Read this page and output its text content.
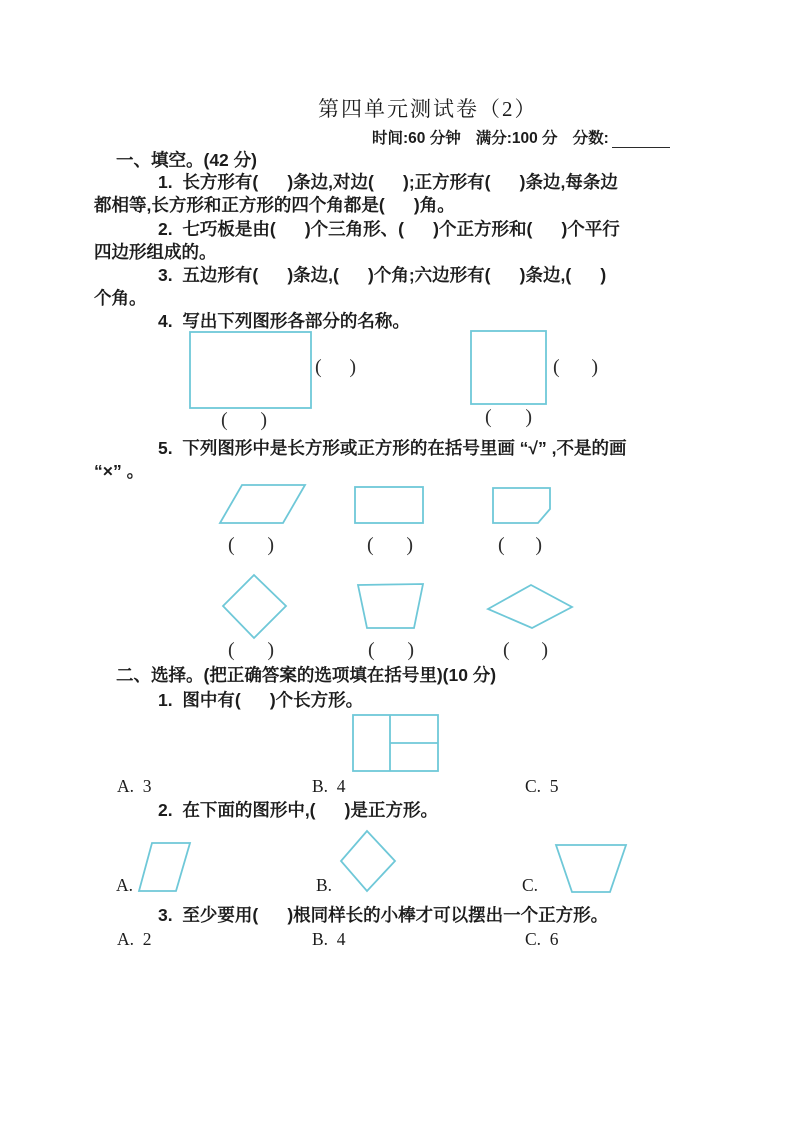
第四单元测试卷（2）
时间:60 分钟 满分:100 分 分数:
一、填空。(42 分)
1.  长方形有(      )条边,对边(      );正方形有(      )条边,每条边
都相等,长方形和正方形的四个角都是(      )角。
2.  七巧板是由(      )个三角形、(      )个正方形和(      )个平行
四边形组成的。
3.  五边形有(      )条边,(      )个角;六边形有(      )条边,(      )
个角。
4.  写出下列图形各部分的名称。
( )
( )
( )
( )
5.  下列图形中是长方形或正方形的在括号里画 “√” ,不是的画
“×” 。
( )	( )	( )
( )	( )	( )
二、选择。(把正确答案的选项填在括号里)(10 分)
1.  图中有(      )个长方形。
A.  3	B.  4	C.  5
2.  在下面的图形中,(      )是正方形。
A.	B.	C.
3.  至少要用(      )根同样长的小棒才可以摆出一个正方形。
A.  2	B.  4	C.  6
